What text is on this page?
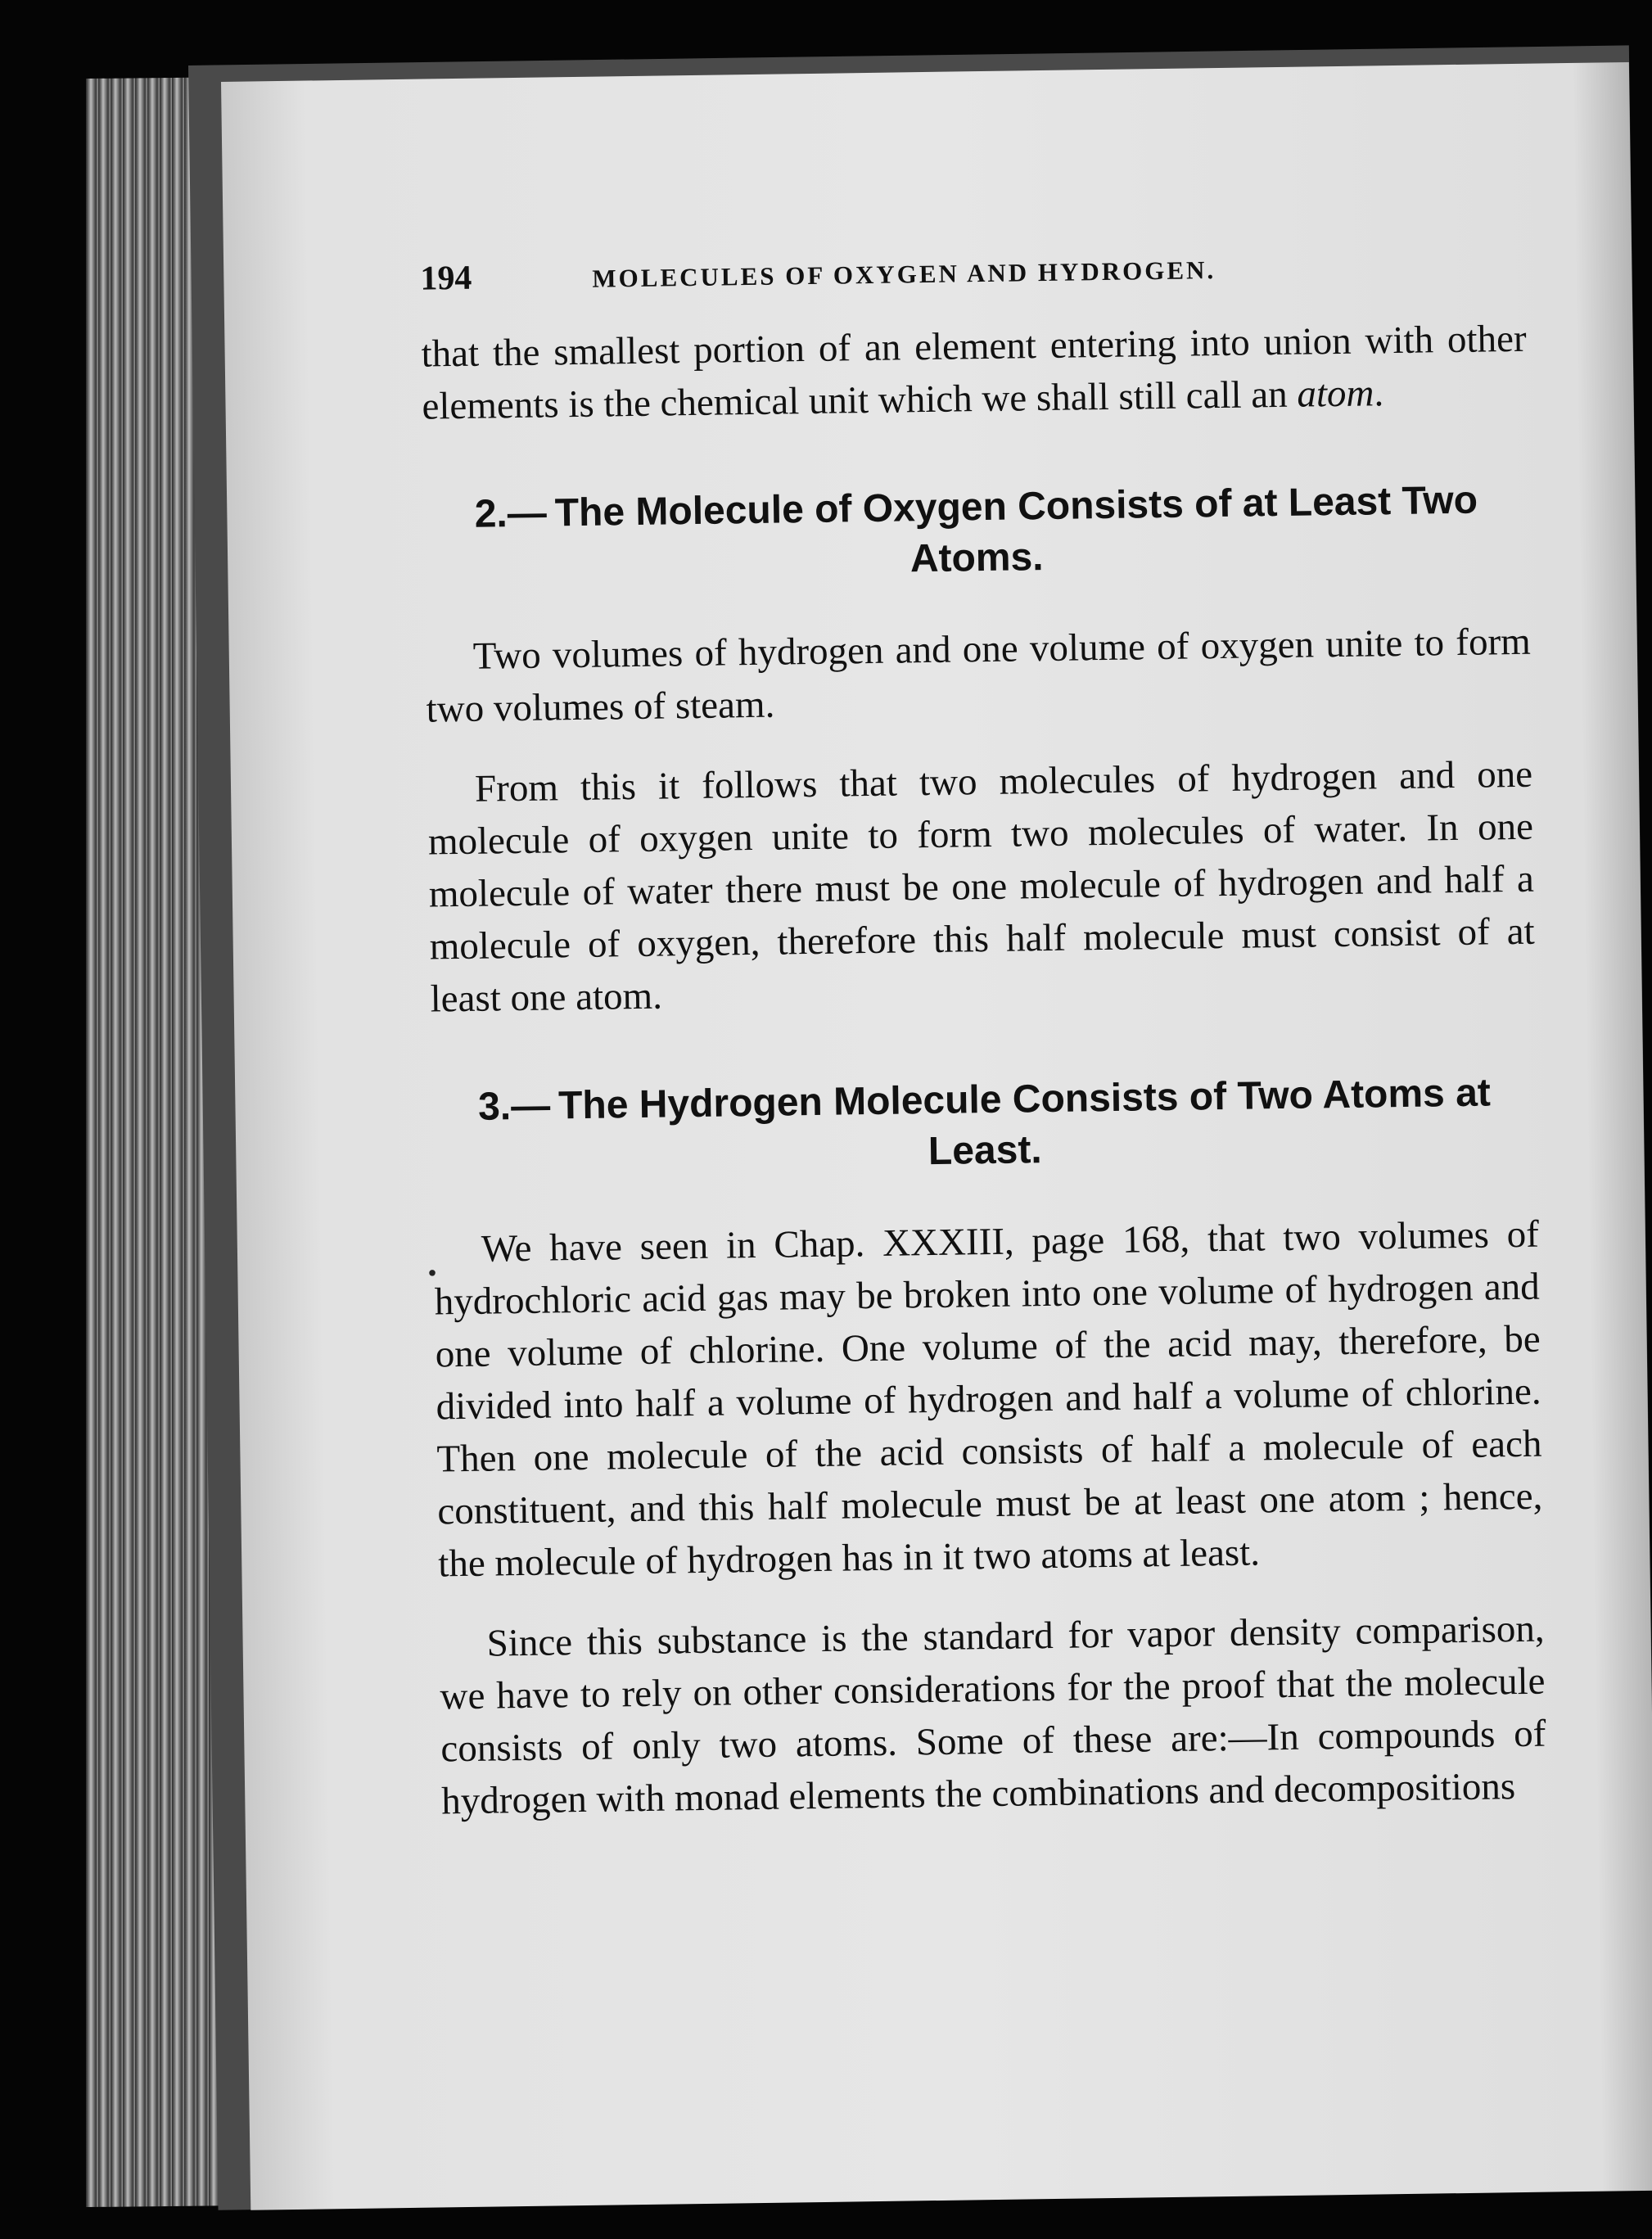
194	MOLECULES OF OXYGEN AND HYDROGEN.

that the smallest portion of an element entering into union with other elements is the chemical unit which we shall still call an atom.

2.— The Molecule of Oxygen Consists of at Least Two Atoms.

Two volumes of hydrogen and one volume of oxygen unite to form two volumes of steam.

From this it follows that two molecules of hydrogen and one molecule of oxygen unite to form two molecules of water. In one molecule of water there must be one molecule of hydrogen and half a molecule of oxygen, therefore this half molecule must consist of at least one atom.

3.— The Hydrogen Molecule Consists of Two Atoms at Least.

We have seen in Chap. XXXIII, page 168, that two volumes of hydrochloric acid gas may be broken into one volume of hydrogen and one volume of chlorine. One volume of the acid may, therefore, be divided into half a volume of hydrogen and half a volume of chlorine. Then one molecule of the acid consists of half a molecule of each constituent, and this half molecule must be at least one atom ; hence, the molecule of hydrogen has in it two atoms at least.

Since this substance is the standard for vapor density comparison, we have to rely on other considerations for the proof that the molecule consists of only two atoms. Some of these are:—In compounds of hydrogen with monad elements the combinations and decompositions

•
